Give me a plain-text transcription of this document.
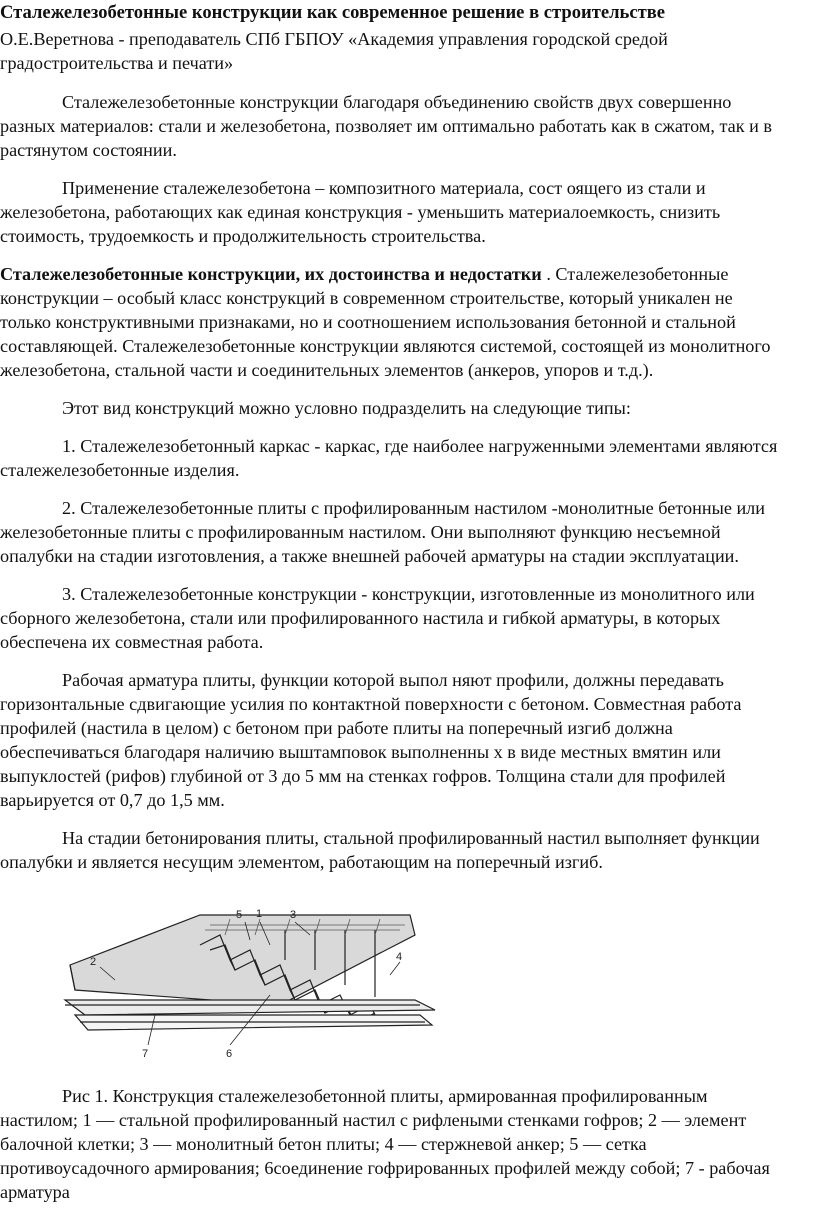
Сталежелезобетонные конструкции как современное решение в строительстве

О.Е.Веретнова - преподаватель СПб ГБПОУ «Академия управления городской средой

градостроительства и печати»

Сталежелезобетонные конструкции благодаря объединению свойств двух совершенно

разных материалов: стали и железобетона, позволяет им оптимально работать как в сжатом, так и в

растянутом состоянии.

Применение сталежелезобетона – композитного материала, сост оящего из стали и

железобетона, работающих как единая конструкция - уменьшить материалоемкость, снизить

стоимость, трудоемкость и продолжительность строительства.

Сталежелезобетонные конструкции, их достоинства и недостатки . Сталежелезобетонные

конструкции – особый класс конструкций в современном строительстве, который уникален не

только конструктивными признаками, но и соотношением использования бетонной и стальной

составляющей. Сталежелезобетонные конструкции являются системой, состоящей из монолитного

железобетона, стальной части и соединительных элементов (анкеров, упоров и т.д.).

Этот вид конструкций можно условно подразделить на следующие типы:

1. Сталежелезобетонный каркас - каркас, где наиболее нагруженными элементами являются

сталежелезобетонные изделия.

2. Сталежелезобетонные плиты с профилированным настилом -монолитные бетонные или

железобетонные плиты с профилированным настилом. Они выполняют функцию несъемной

опалубки на стадии изготовления, а также внешней рабочей арматуры на стадии эксплуатации.

3. Сталежелезобетонные конструкции - конструкции, изготовленные из монолитного или

сборного железобетона, стали или профилированного настила и гибкой арматуры, в которых

обеспечена их совместная работа.

Рабочая арматура плиты, функции которой выпол няют профили, должны передавать

горизонтальные сдвигающие усилия по контактной поверхности с бетоном. Совместная работа

профилей (настила в целом) с бетоном при работе плиты на поперечный изгиб должна

обеспечиваться благодаря наличию выштамповок выполненны х в виде местных вмятин или

выпуклостей (рифов) глубиной от 3 до 5 мм на стенках гофров. Толщина стали для профилей

варьируется от 0,7 до 1,5 мм.

На стадии бетонирования плиты, стальной профилированный настил выполняет функции

опалубки и является несущим элементом, работающим на поперечный изгиб.

5 1	3
2	4
7	6

Рис 1. Конструкция сталежелезобетонной плиты, армированная профилированным

настилом; 1 — стальной профилированный настил с рифлеными стенками гофров; 2 — элемент

балочной клетки; 3 — монолитный бетон плиты; 4 — стержневой анкер; 5 — сетка

противоусадочного армирования; 6соединение гофрированных профилей между собой; 7 - рабочая

арматура
